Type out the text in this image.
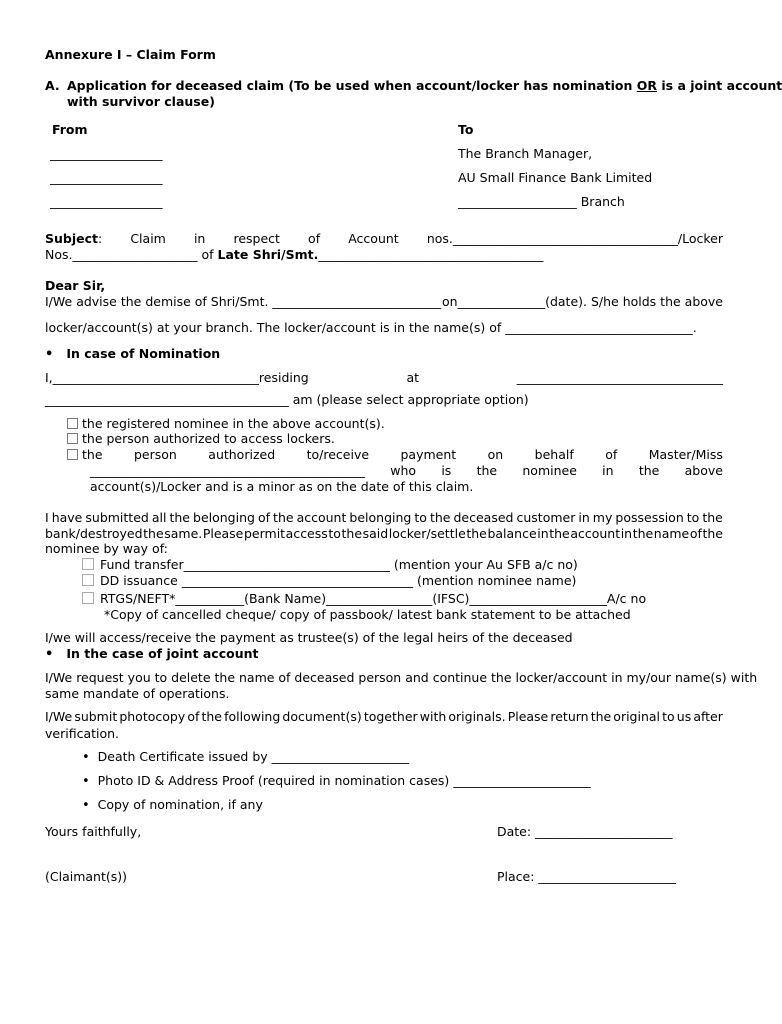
Annexure I – Claim Form
A. Application for deceased claim (To be used when account/locker has nomination OR is a joint account
with survivor clause)
From
__________________
__________________
__________________
To
The Branch Manager,
AU Small Finance Bank Limited
___________________ Branch
Subject: Claim in respect of Account nos.____________________________________/Locker
Nos.____________________ of Late Shri/Smt.____________________________________
Dear Sir,
I/We advise the demise of Shri/Smt. ___________________________ on______________(date). S/he holds the above
locker/account(s) at your branch. The locker/account is in the name(s) of ______________________________.
• In case of Nomination
I,_________________________________residing	at	_________________________________
_______________________________________ am (please select appropriate option)
the registered nominee in the above account(s).
the person authorized to access lockers.
the	person	authorized	to/receive	payment	on	behalf	of	Master/Miss
____________________________________________ who is the nominee in the above
account(s)/Locker and is a minor as on the date of this claim.
I have submitted all the belonging of the account belonging to the deceased customer in my possession to the
bank/destroyed the same. Please permit access to the said locker/settle the balance in the account in the name of the
nominee by way of:
Fund transfer_________________________________ (mention your Au SFB a/c no)
DD issuance _____________________________________ (mention nominee name)
RTGS/NEFT*___________(Bank Name)_________________(IFSC)______________________A/c no
*Copy of cancelled cheque/ copy of passbook/ latest bank statement to be attached
I/we will access/receive the payment as trustee(s) of the legal heirs of the deceased
• In the case of joint account
I/We request you to delete the name of deceased person and continue the locker/account in my/our name(s) with
same mandate of operations.
I/We submit photocopy of the following document(s) together with originals. Please return the original to us after
verification.
• Death Certificate issued by ______________________
• Photo ID & Address Proof (required in nomination cases) ______________________
• Copy of nomination, if any
Yours faithfully,	Date: ______________________
(Claimant(s))	Place: ______________________
